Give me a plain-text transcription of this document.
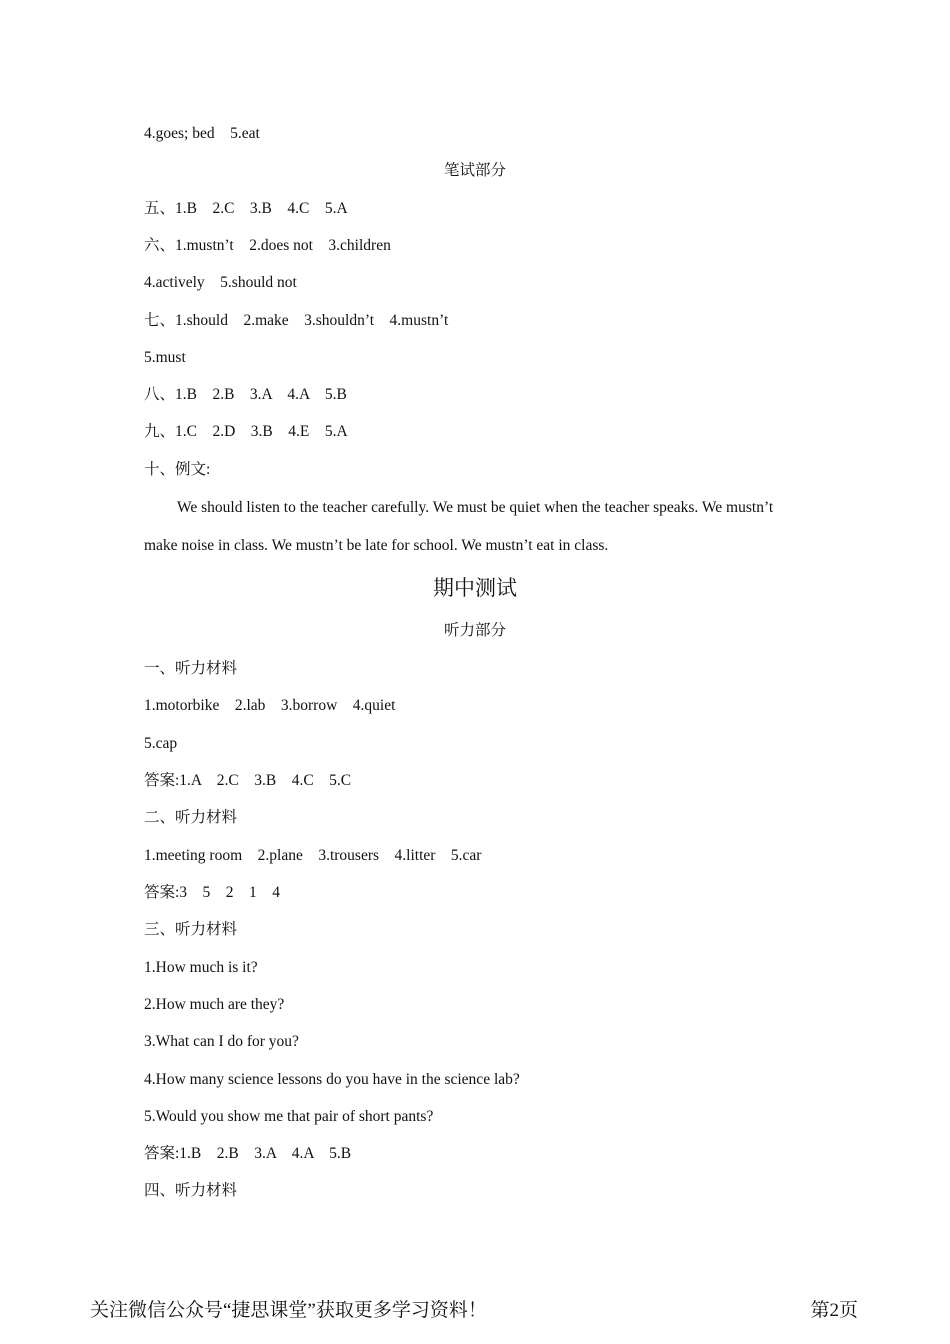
4.goes; bed    5.eat
笔试部分
五、1.B    2.C    3.B    4.C    5.A
六、1.mustn’t    2.does not    3.children
4.actively    5.should not
七、1.should    2.make    3.shouldn’t    4.mustn’t
5.must
八、1.B    2.B    3.A    4.A    5.B
九、1.C    2.D    3.B    4.E    5.A
十、例文:
We should listen to the teacher carefully. We must be quiet when the teacher speaks. We mustn’t make noise in class. We mustn’t be late for school. We mustn’t eat in class.
期中测试
听力部分
一、听力材料
1.motorbike    2.lab    3.borrow    4.quiet
5.cap
答案:1.A    2.C    3.B    4.C    5.C
二、听力材料
1.meeting room    2.plane    3.trousers    4.litter    5.car
答案:3    5    2    1    4
三、听力材料
1.How much is it?
2.How much are they?
3.What can I do for you?
4.How many science lessons do you have in the science lab?
5.Would you show me that pair of short pants?
答案:1.B    2.B    3.A    4.A    5.B
四、听力材料
关注微信公众号“捷思课堂”获取更多学习资料！	第2页
